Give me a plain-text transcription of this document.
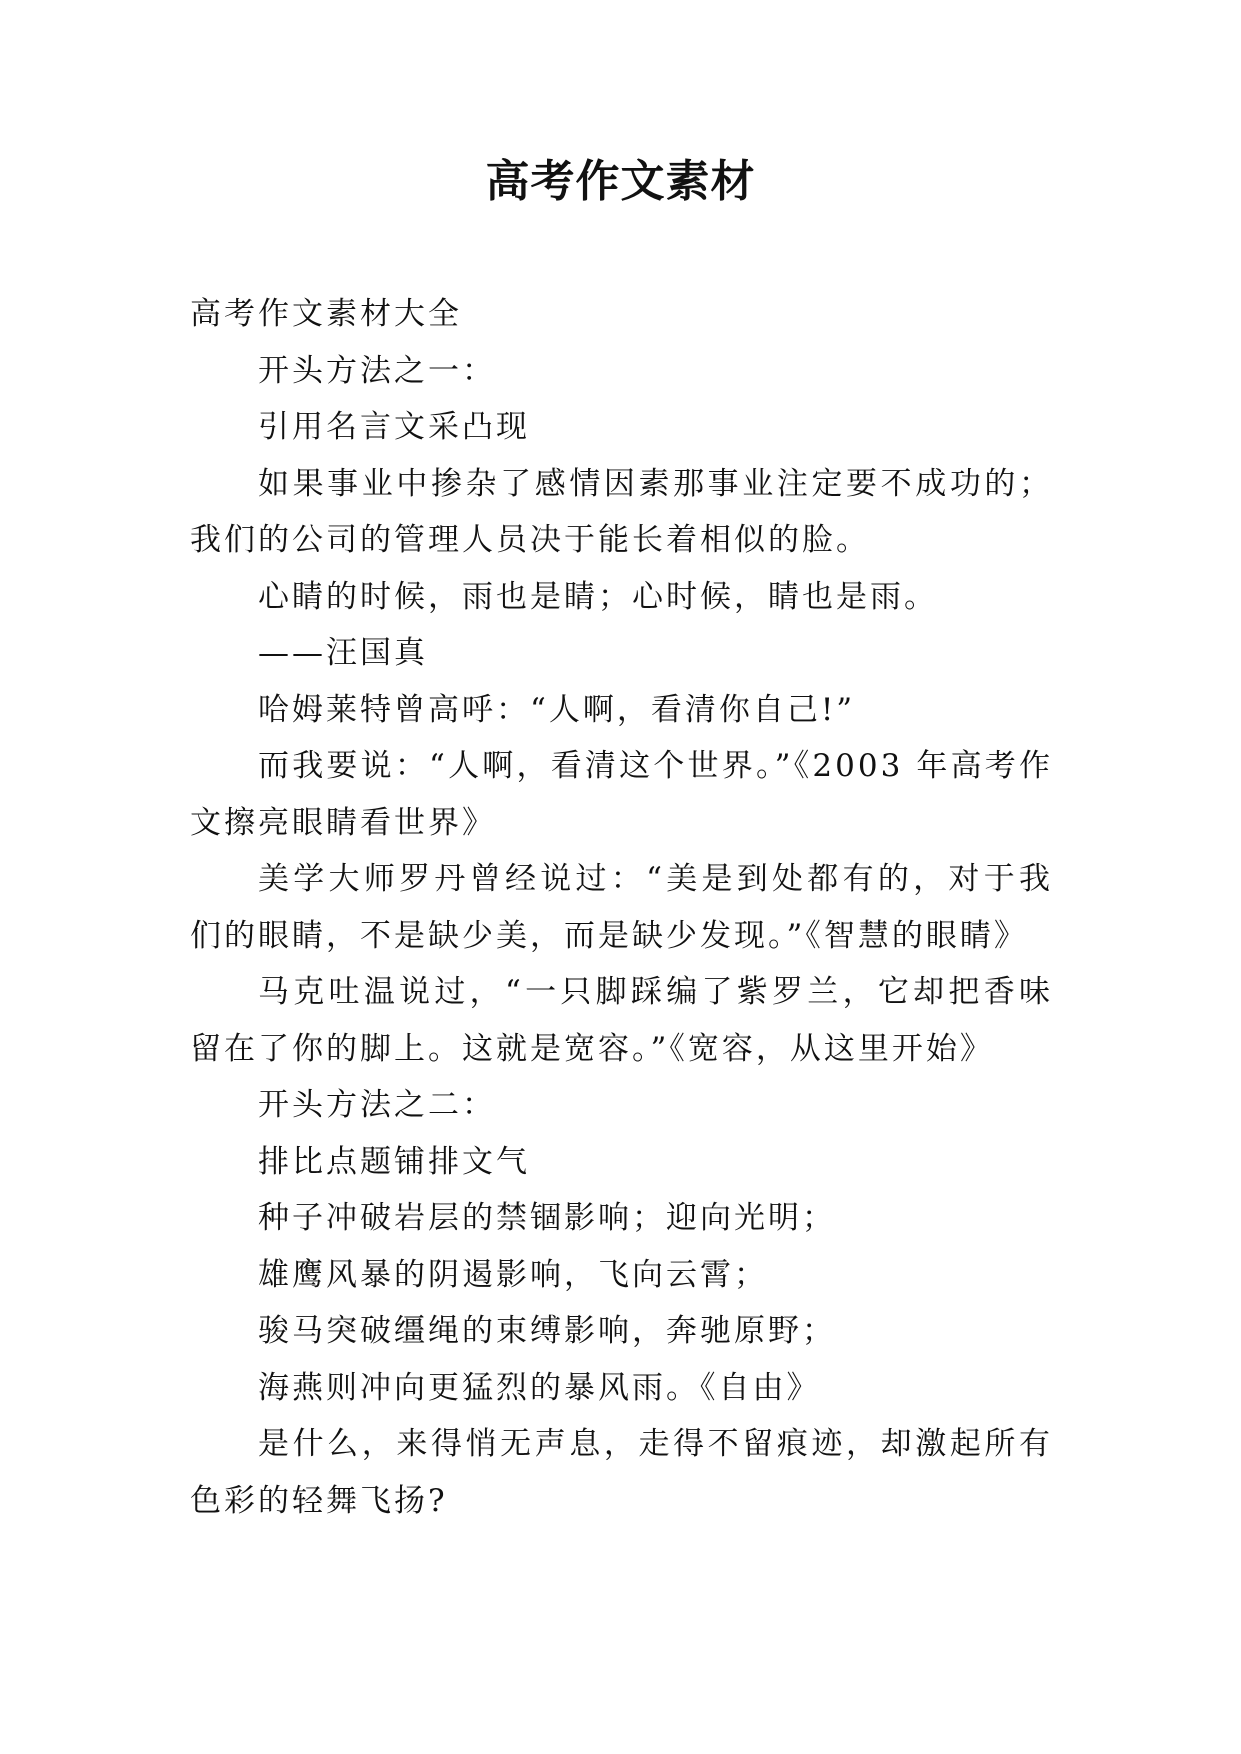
高考作文素材

高考作文素材大全

开头方法之一：

引用名言文采凸现

如果事业中掺杂了感情因素那事业注定要不成功的；我们的公司的管理人员决于能长着相似的脸。

心睛的时候，雨也是睛；心时候，睛也是雨。

——汪国真

哈姆莱特曾高呼：“人啊，看清你自己!”

而我要说：“人啊，看清这个世界。”《2003 年高考作文擦亮眼睛看世界》

美学大师罗丹曾经说过：“美是到处都有的，对于我们的眼睛，不是缺少美，而是缺少发现。”《智慧的眼睛》

马克吐温说过，“一只脚踩编了紫罗兰，它却把香味留在了你的脚上。这就是宽容。”《宽容，从这里开始》

开头方法之二：

排比点题铺排文气

种子冲破岩层的禁锢影响；迎向光明；

雄鹰风暴的阴遏影响，飞向云霄；

骏马突破缰绳的束缚影响，奔驰原野；

海燕则冲向更猛烈的暴风雨。《自由》

是什么，来得悄无声息，走得不留痕迹，却激起所有色彩的轻舞飞扬?
